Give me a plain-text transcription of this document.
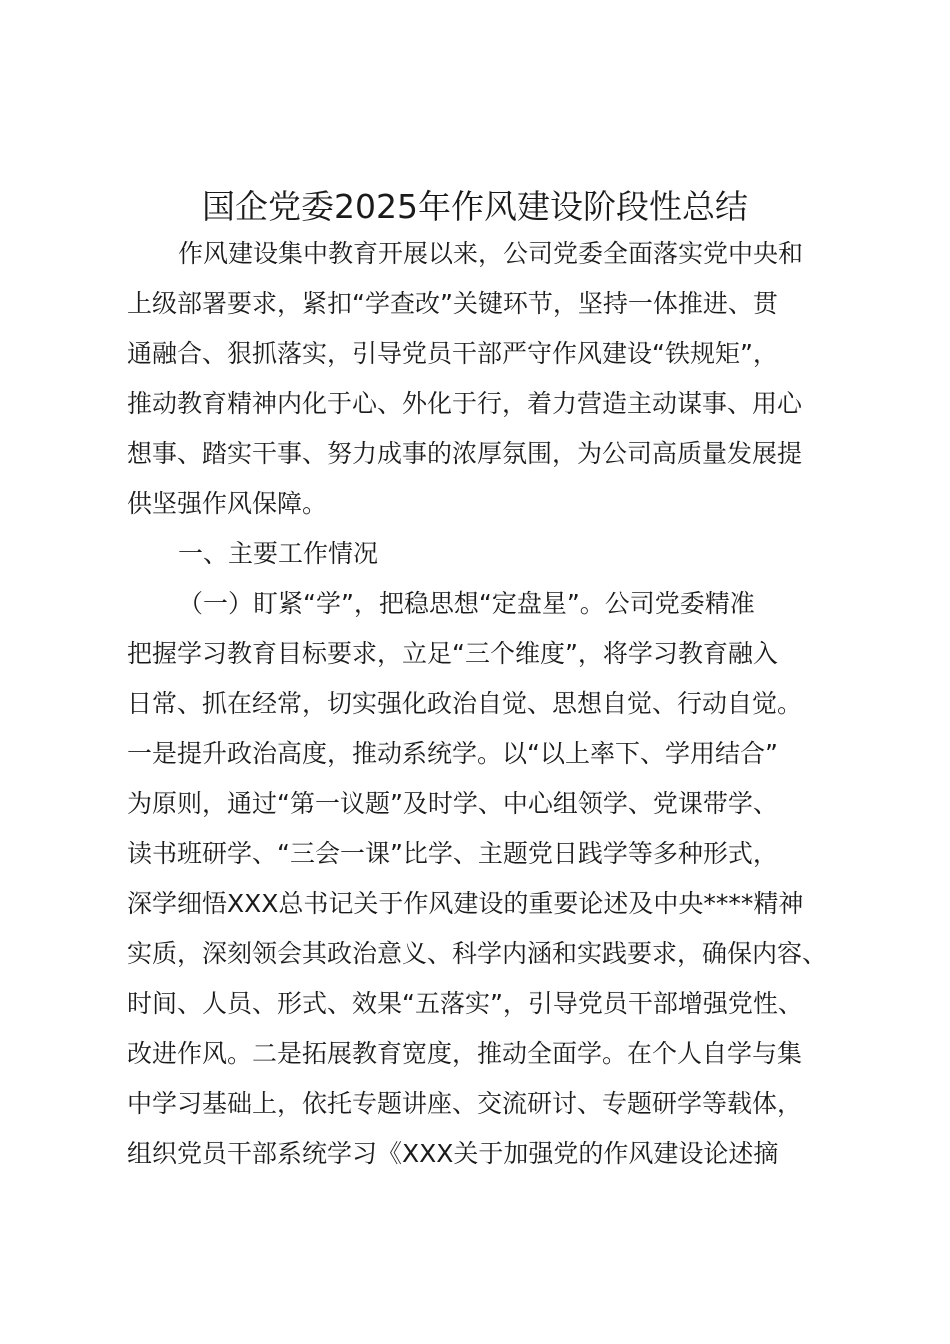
国企党委2025年作风建设阶段性总结

作风建设集中教育开展以来，公司党委全面落实党中央和

上级部署要求，紧扣“学查改”关键环节，坚持一体推进、贯

通融合、狠抓落实，引导党员干部严守作风建设“铁规矩”，

推动教育精神内化于心、外化于行，着力营造主动谋事、用心

想事、踏实干事、努力成事的浓厚氛围，为公司高质量发展提

供坚强作风保障。

一、主要工作情况

（一）盯紧“学”，把稳思想“定盘星”。公司党委精准

把握学习教育目标要求，立足“三个维度”，将学习教育融入

日常、抓在经常，切实强化政治自觉、思想自觉、行动自觉。

一是提升政治高度，推动系统学。以“以上率下、学用结合”

为原则，通过“第一议题”及时学、中心组领学、党课带学、

读书班研学、“三会一课”比学、主题党日践学等多种形式，

深学细悟XXX总书记关于作风建设的重要论述及中央****精神

实质，深刻领会其政治意义、科学内涵和实践要求，确保内容、

时间、人员、形式、效果“五落实”，引导党员干部增强党性、

改进作风。二是拓展教育宽度，推动全面学。在个人自学与集

中学习基础上，依托专题讲座、交流研讨、专题研学等载体，

组织党员干部系统学习《XXX关于加强党的作风建设论述摘
